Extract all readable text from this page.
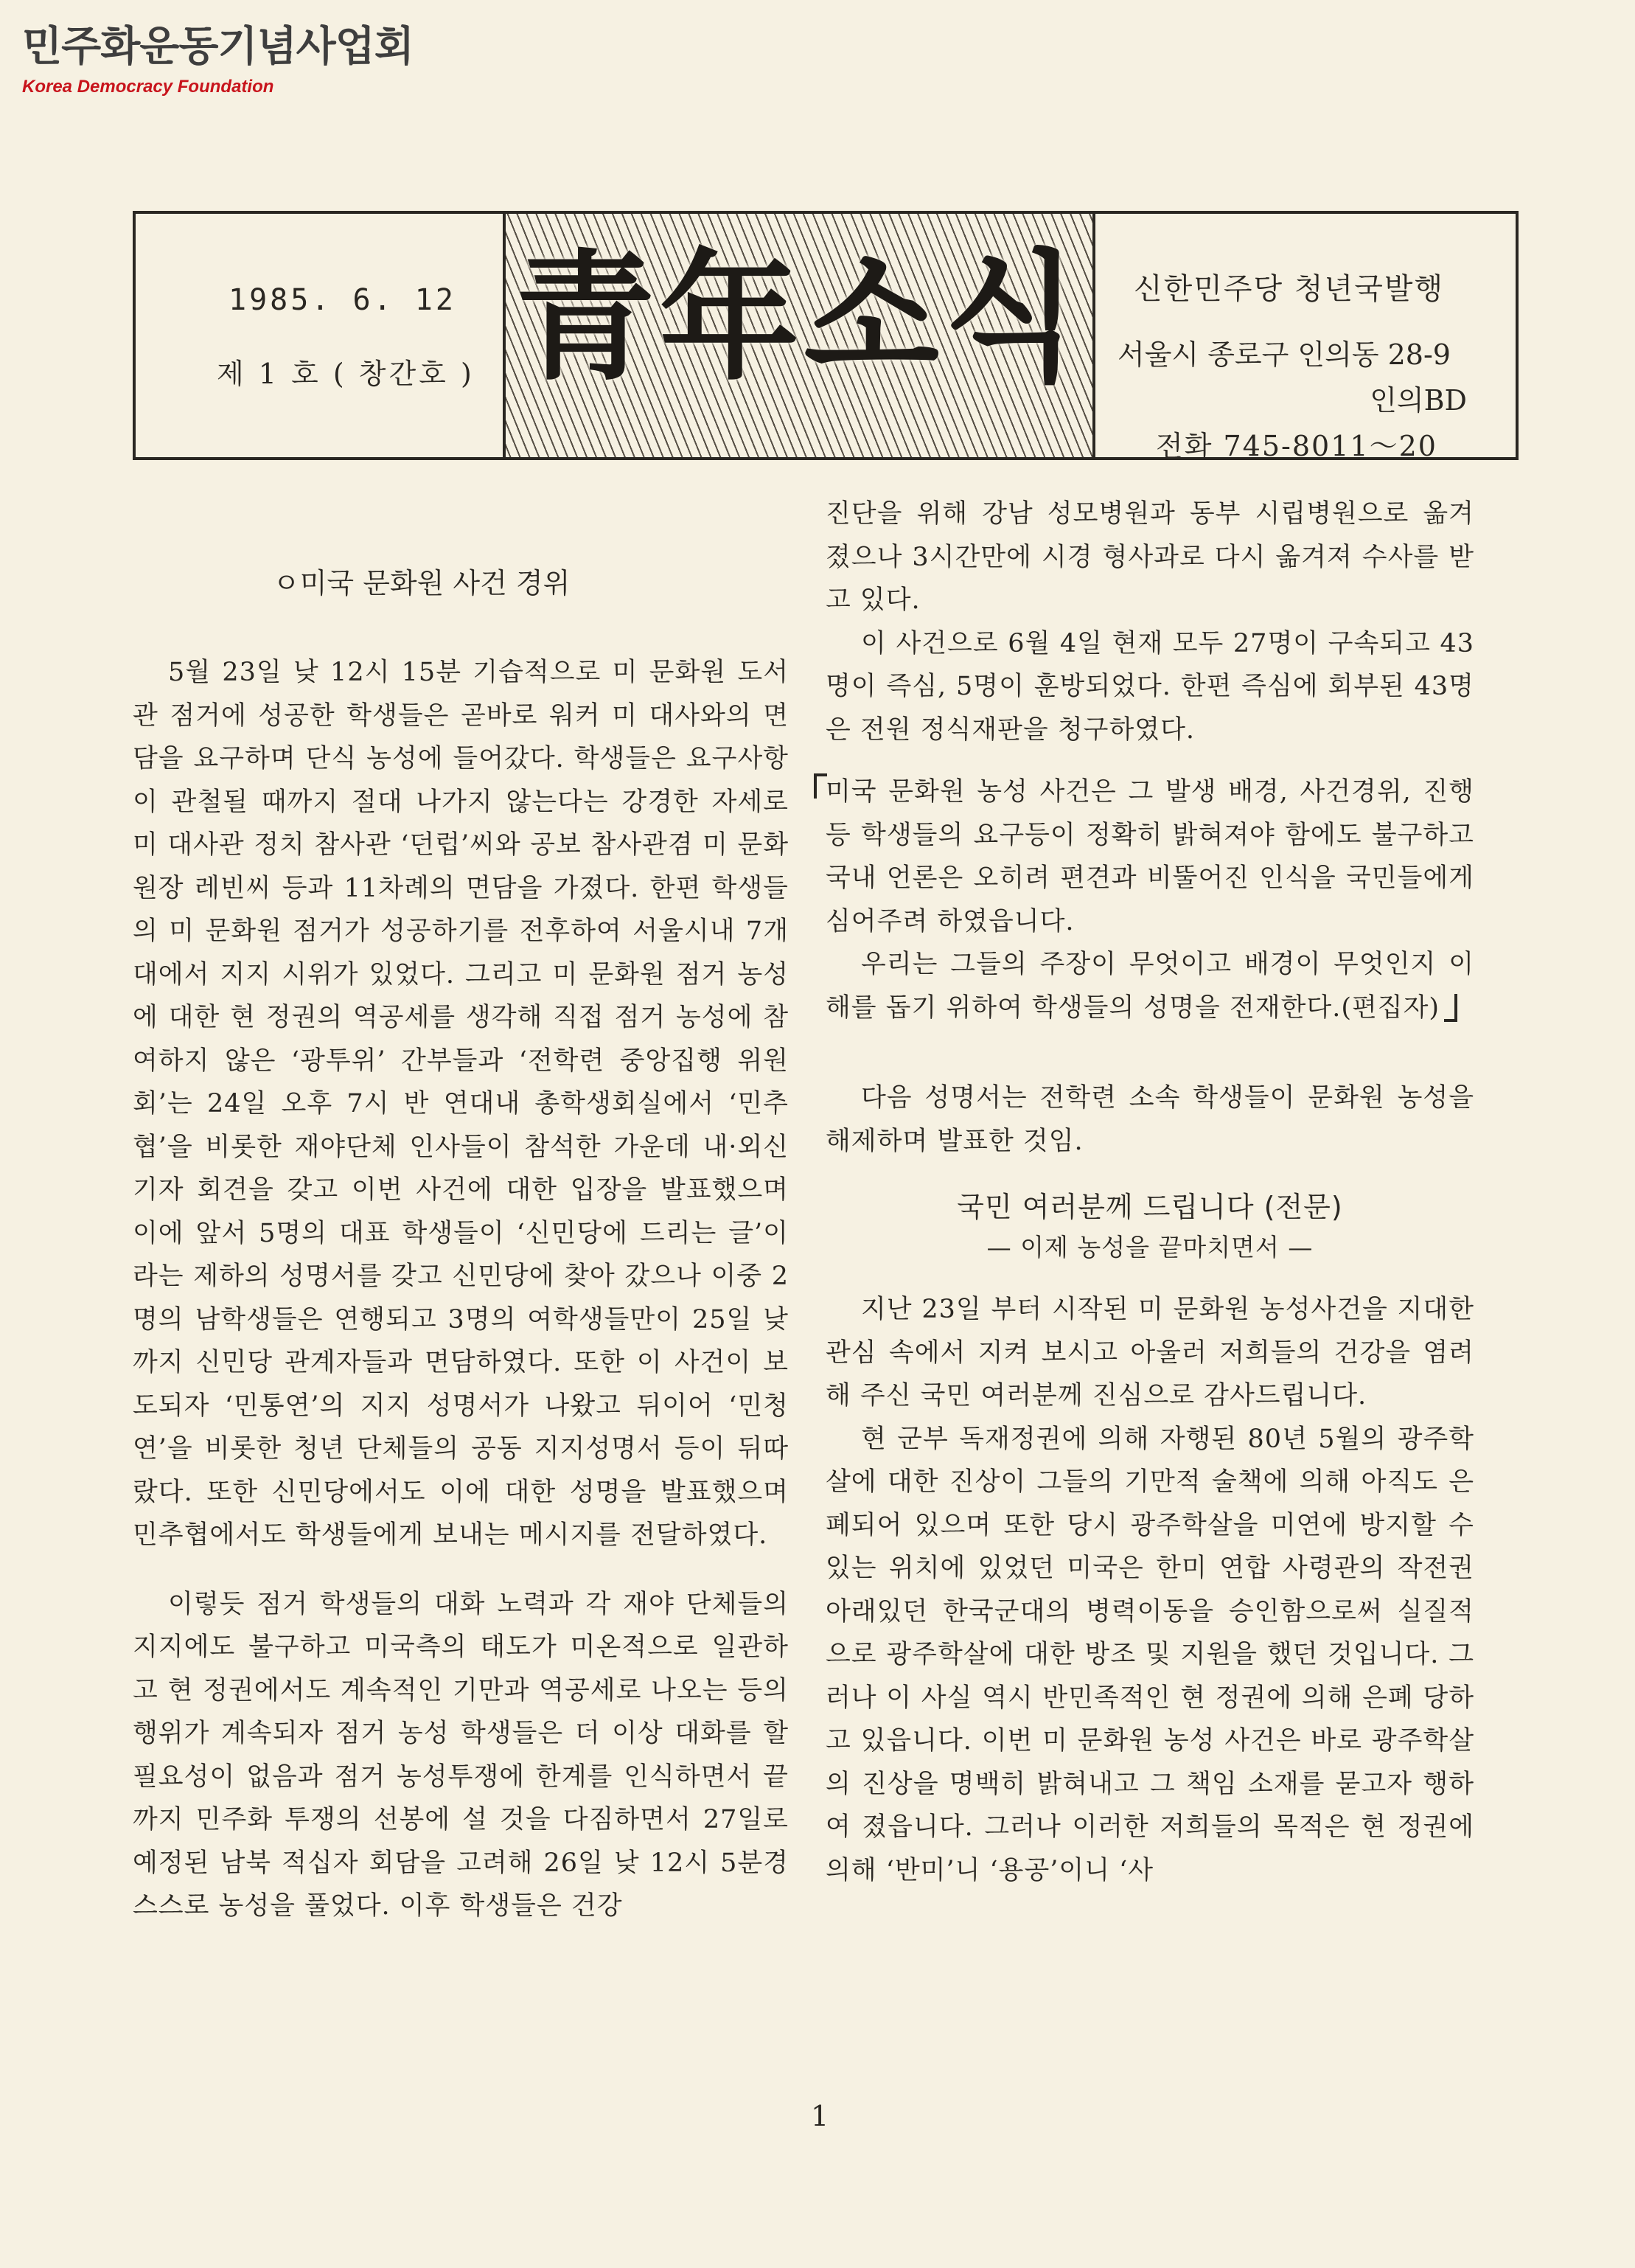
민주화운동기념사업회
Korea Democracy Foundation
1985. 6. 12
제 1 호 ( 창간호 ) 青年소식	신한민주당 청년국발행
서울시 종로구 인의동 28-9
인의BD
전화 745-8011～20
ㅇ미국 문화원 사건 경위

5월 23일 낮 12시 15분 기습적으로 미 문화원 도서관 점거에 성공한 학생들은 곧바로 워커 미 대사와의 면담을 요구하며 단식 농성에 들어갔다. 학생들은 요구사항이 관철될 때까지 절대 나가지 않는다는 강경한 자세로 미 대사관 정치 참사관 ‘던럽’씨와 공보 참사관겸 미 문화원장 레빈씨 등과 11차례의 면담을 가졌다. 한편 학생들의 미 문화원 점거가 성공하기를 전후하여 서울시내 7개 대에서 지지 시위가 있었다. 그리고 미 문화원 점거 농성에 대한 현 정권의 역공세를 생각해 직접 점거 농성에 참여하지 않은 ‘광투위’ 간부들과 ‘전학련 중앙집행 위원회’는 24일 오후 7시 반 연대내 총학생회실에서 ‘민추협’을 비롯한 재야단체 인사들이 참석한 가운데 내·외신 기자 회견을 갖고 이번 사건에 대한 입장을 발표했으며 이에 앞서 5명의 대표 학생들이 ‘신민당에 드리는 글’이라는 제하의 성명서를 갖고 신민당에 찾아 갔으나 이중 2명의 남학생들은 연행되고 3명의 여학생들만이 25일 낮까지 신민당 관계자들과 면담하였다. 또한 이 사건이 보도되자 ‘민통연’의 지지 성명서가 나왔고 뒤이어 ‘민청연’을 비롯한 청년 단체들의 공동 지지성명서 등이 뒤따랐다. 또한 신민당에서도 이에 대한 성명을 발표했으며 민추협에서도 학생들에게 보내는 메시지를 전달하였다.

이렇듯 점거 학생들의 대화 노력과 각 재야 단체들의 지지에도 불구하고 미국측의 태도가 미온적으로 일관하고 현 정권에서도 계속적인 기만과 역공세로 나오는 등의 행위가 계속되자 점거 농성 학생들은 더 이상 대화를 할 필요성이 없음과 점거 농성투쟁에 한계를 인식하면서 끝까지 민주화 투쟁의 선봉에 설 것을 다짐하면서 27일로 예정된 남북 적십자 회담을 고려해 26일 낮 12시 5분경 스스로 농성을 풀었다. 이후 학생들은 건강

진단을 위해 강남 성모병원과 동부 시립병원으로 옮겨 졌으나 3시간만에 시경 형사과로 다시 옮겨져 수사를 받고 있다.

이 사건으로 6월 4일 현재 모두 27명이 구속되고 43명이 즉심, 5명이 훈방되었다. 한편 즉심에 회부된 43명은 전원 정식재판을 청구하였다.

미국 문화원 농성 사건은 그 발생 배경, 사건경위, 진행등 학생들의 요구등이 정확히 밝혀져야 함에도 불구하고 국내 언론은 오히려 편견과 비뚤어진 인식을 국민들에게 심어주려 하였읍니다.

우리는 그들의 주장이 무엇이고 배경이 무엇인지 이해를 돕기 위하여 학생들의 성명을 전재한다.(편집자)

다음 성명서는 전학련 소속 학생들이 문화원 농성을 해제하며 발표한 것임.

국민 여러분께 드립니다 (전문)
— 이제 농성을 끝마치면서 —

지난 23일 부터 시작된 미 문화원 농성사건을 지대한 관심 속에서 지켜 보시고 아울러 저희들의 건강을 염려해 주신 국민 여러분께 진심으로 감사드립니다.

현 군부 독재정권에 의해 자행된 80년 5월의 광주학살에 대한 진상이 그들의 기만적 술책에 의해 아직도 은폐되어 있으며 또한 당시 광주학살을 미연에 방지할 수 있는 위치에 있었던 미국은 한미 연합 사령관의 작전권 아래있던 한국군대의 병력이동을 승인함으로써 실질적으로 광주학살에 대한 방조 및 지원을 했던 것입니다. 그러나 이 사실 역시 반민족적인 현 정권에 의해 은폐 당하고 있읍니다. 이번 미 문화원 농성 사건은 바로 광주학살의 진상을 명백히 밝혀내고 그 책임 소재를 묻고자 행하여 졌읍니다. 그러나 이러한 저희들의 목적은 현 정권에 의해 ‘반미’니 ‘용공’이니 ‘사

1
